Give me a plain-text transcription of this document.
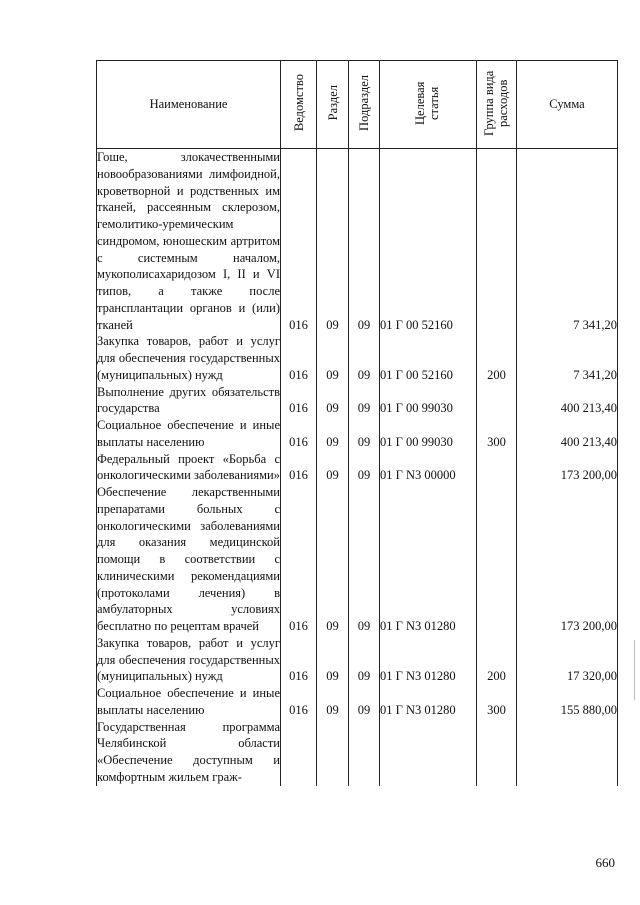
Наименование	Ведомство	Раздел	Подраздел	Целевая статья	Группа вида расходов	Сумма
Гоше, злокачественными новообразованиями лимфоидной, кроветворной и родственных им тканей, рассеянным склерозом, гемолитико-уремическим синдромом, юношеским артритом с системным началом, мукополисахаридозом I, II и VI типов, а также после трансплантации органов и (или) тканей	016	09	09	01 Г 00 52160		7 341,20
Закупка товаров, работ и услуг для обеспечения государственных (муниципальных) нужд	016	09	09	01 Г 00 52160	200	7 341,20
Выполнение других обязательств государства	016	09	09	01 Г 00 99030		400 213,40
Социальное обеспечение и иные выплаты населению	016	09	09	01 Г 00 99030	300	400 213,40
Федеральный проект «Борьба с онкологическими заболеваниями»	016	09	09	01 Г N3 00000		173 200,00
Обеспечение лекарственными препаратами больных с онкологическими заболеваниями для оказания медицинской помощи в соответствии с клиническими рекомендациями (протоколами лечения) в амбулаторных условиях бесплатно по рецептам врачей	016	09	09	01 Г N3 01280		173 200,00
Закупка товаров, работ и услуг для обеспечения государственных (муниципальных) нужд	016	09	09	01 Г N3 01280	200	17 320,00
Социальное обеспечение и иные выплаты населению	016	09	09	01 Г N3 01280	300	155 880,00
Государственная программа Челябинской области «Обеспечение доступным и комфортным жильем граж-						
660
